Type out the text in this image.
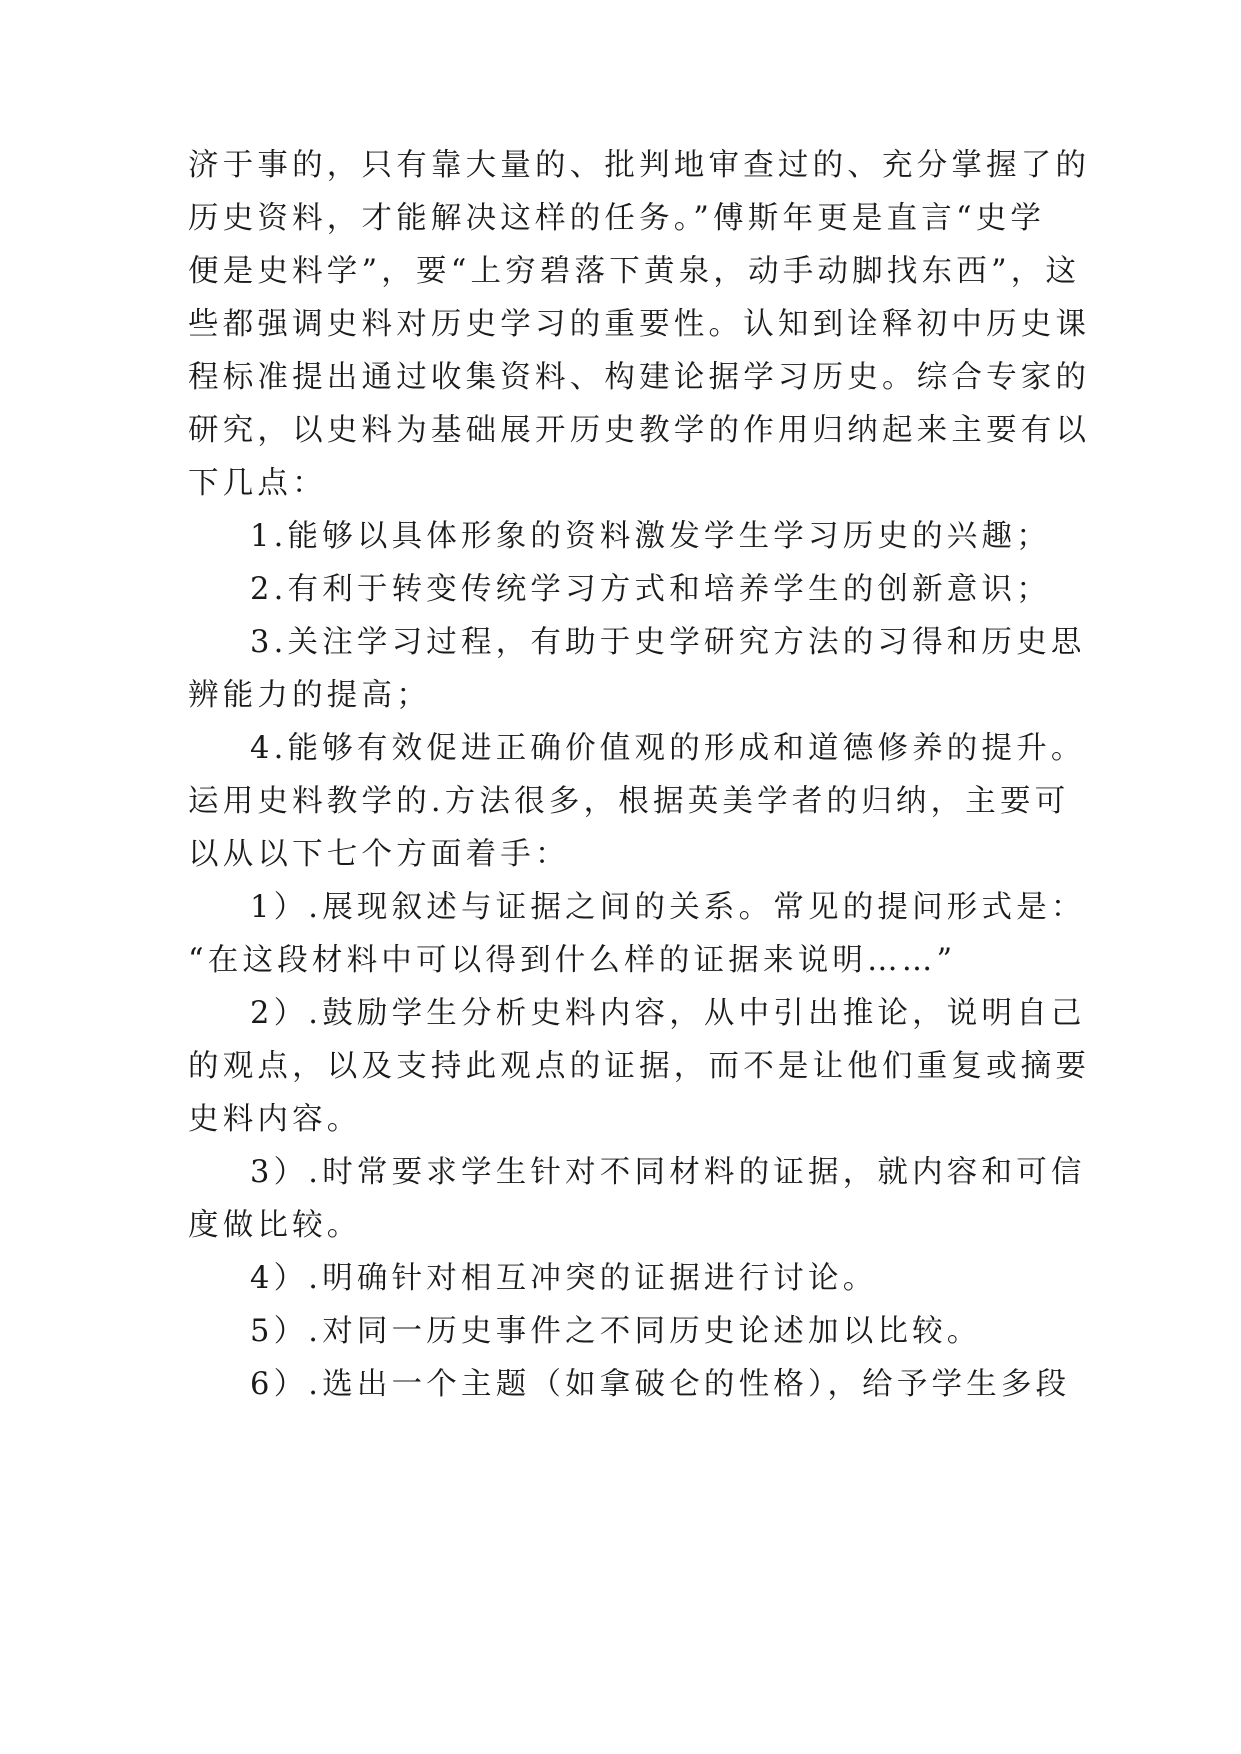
济于事的，只有靠大量的、批判地审查过的、充分掌握了的

历史资料，才能解决这样的任务。”傅斯年更是直言“史学

便是史料学”，要“上穷碧落下黄泉，动手动脚找东西”，这

些都强调史料对历史学习的重要性。认知到诠释初中历史课

程标准提出通过收集资料、构建论据学习历史。综合专家的

研究，以史料为基础展开历史教学的作用归纳起来主要有以

下几点：

1.能够以具体形象的资料激发学生学习历史的兴趣；

2.有利于转变传统学习方式和培养学生的创新意识；

3.关注学习过程，有助于史学研究方法的习得和历史思

辨能力的提高；

4.能够有效促进正确价值观的形成和道德修养的提升。

运用史料教学的.方法很多，根据英美学者的归纳，主要可

以从以下七个方面着手：

1）.展现叙述与证据之间的关系。常见的提问形式是：

“在这段材料中可以得到什么样的证据来说明……”

2）.鼓励学生分析史料内容，从中引出推论，说明自己

的观点，以及支持此观点的证据，而不是让他们重复或摘要

史料内容。

3）.时常要求学生针对不同材料的证据，就内容和可信

度做比较。

4）.明确针对相互冲突的证据进行讨论。

5）.对同一历史事件之不同历史论述加以比较。

6）.选出一个主题（如拿破仑的性格），给予学生多段
